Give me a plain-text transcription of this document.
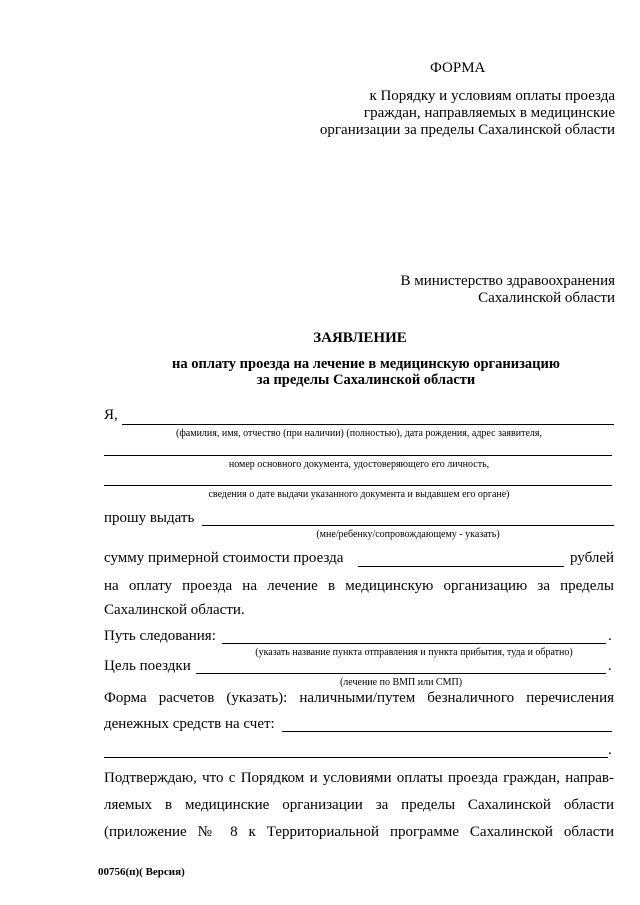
ФОРМА
к Порядку и условиям оплаты проезда
граждан, направляемых в медицинские
организации за пределы Сахалинской области
В министерство здравоохранения
Сахалинской области
ЗАЯВЛЕНИЕ
на оплату проезда на лечение в медицинскую организацию
за пределы Сахалинской области
Я,
(фамилия, имя, отчество (при наличии) (полностью), дата рождения, адрес заявителя,
номер основного документа, удостоверяющего его личность,
сведения о дате выдачи указанного документа и выдавшем его органе)
прошу выдать
(мне/ребенку/сопровождающему - указать)
сумму примерной стоимости проезда	рублей
на оплату проезда на лечение в медицинскую организацию за пределы
Сахалинской области.
Путь следования:	.
(указать название пункта отправления и пункта прибытия, туда и обратно)
Цель поездки	.
(лечение по ВМП или СМП)
Форма расчетов (указать): наличными/путем безналичного перечисления
денежных средств на счет:
.
Подтверждаю, что с Порядком и условиями оплаты проезда граждан, направ-
ляемых в медицинские организации за пределы Сахалинской области
(приложение № 8 к Территориальной программе Сахалинской области
00756(п)( Версия)
